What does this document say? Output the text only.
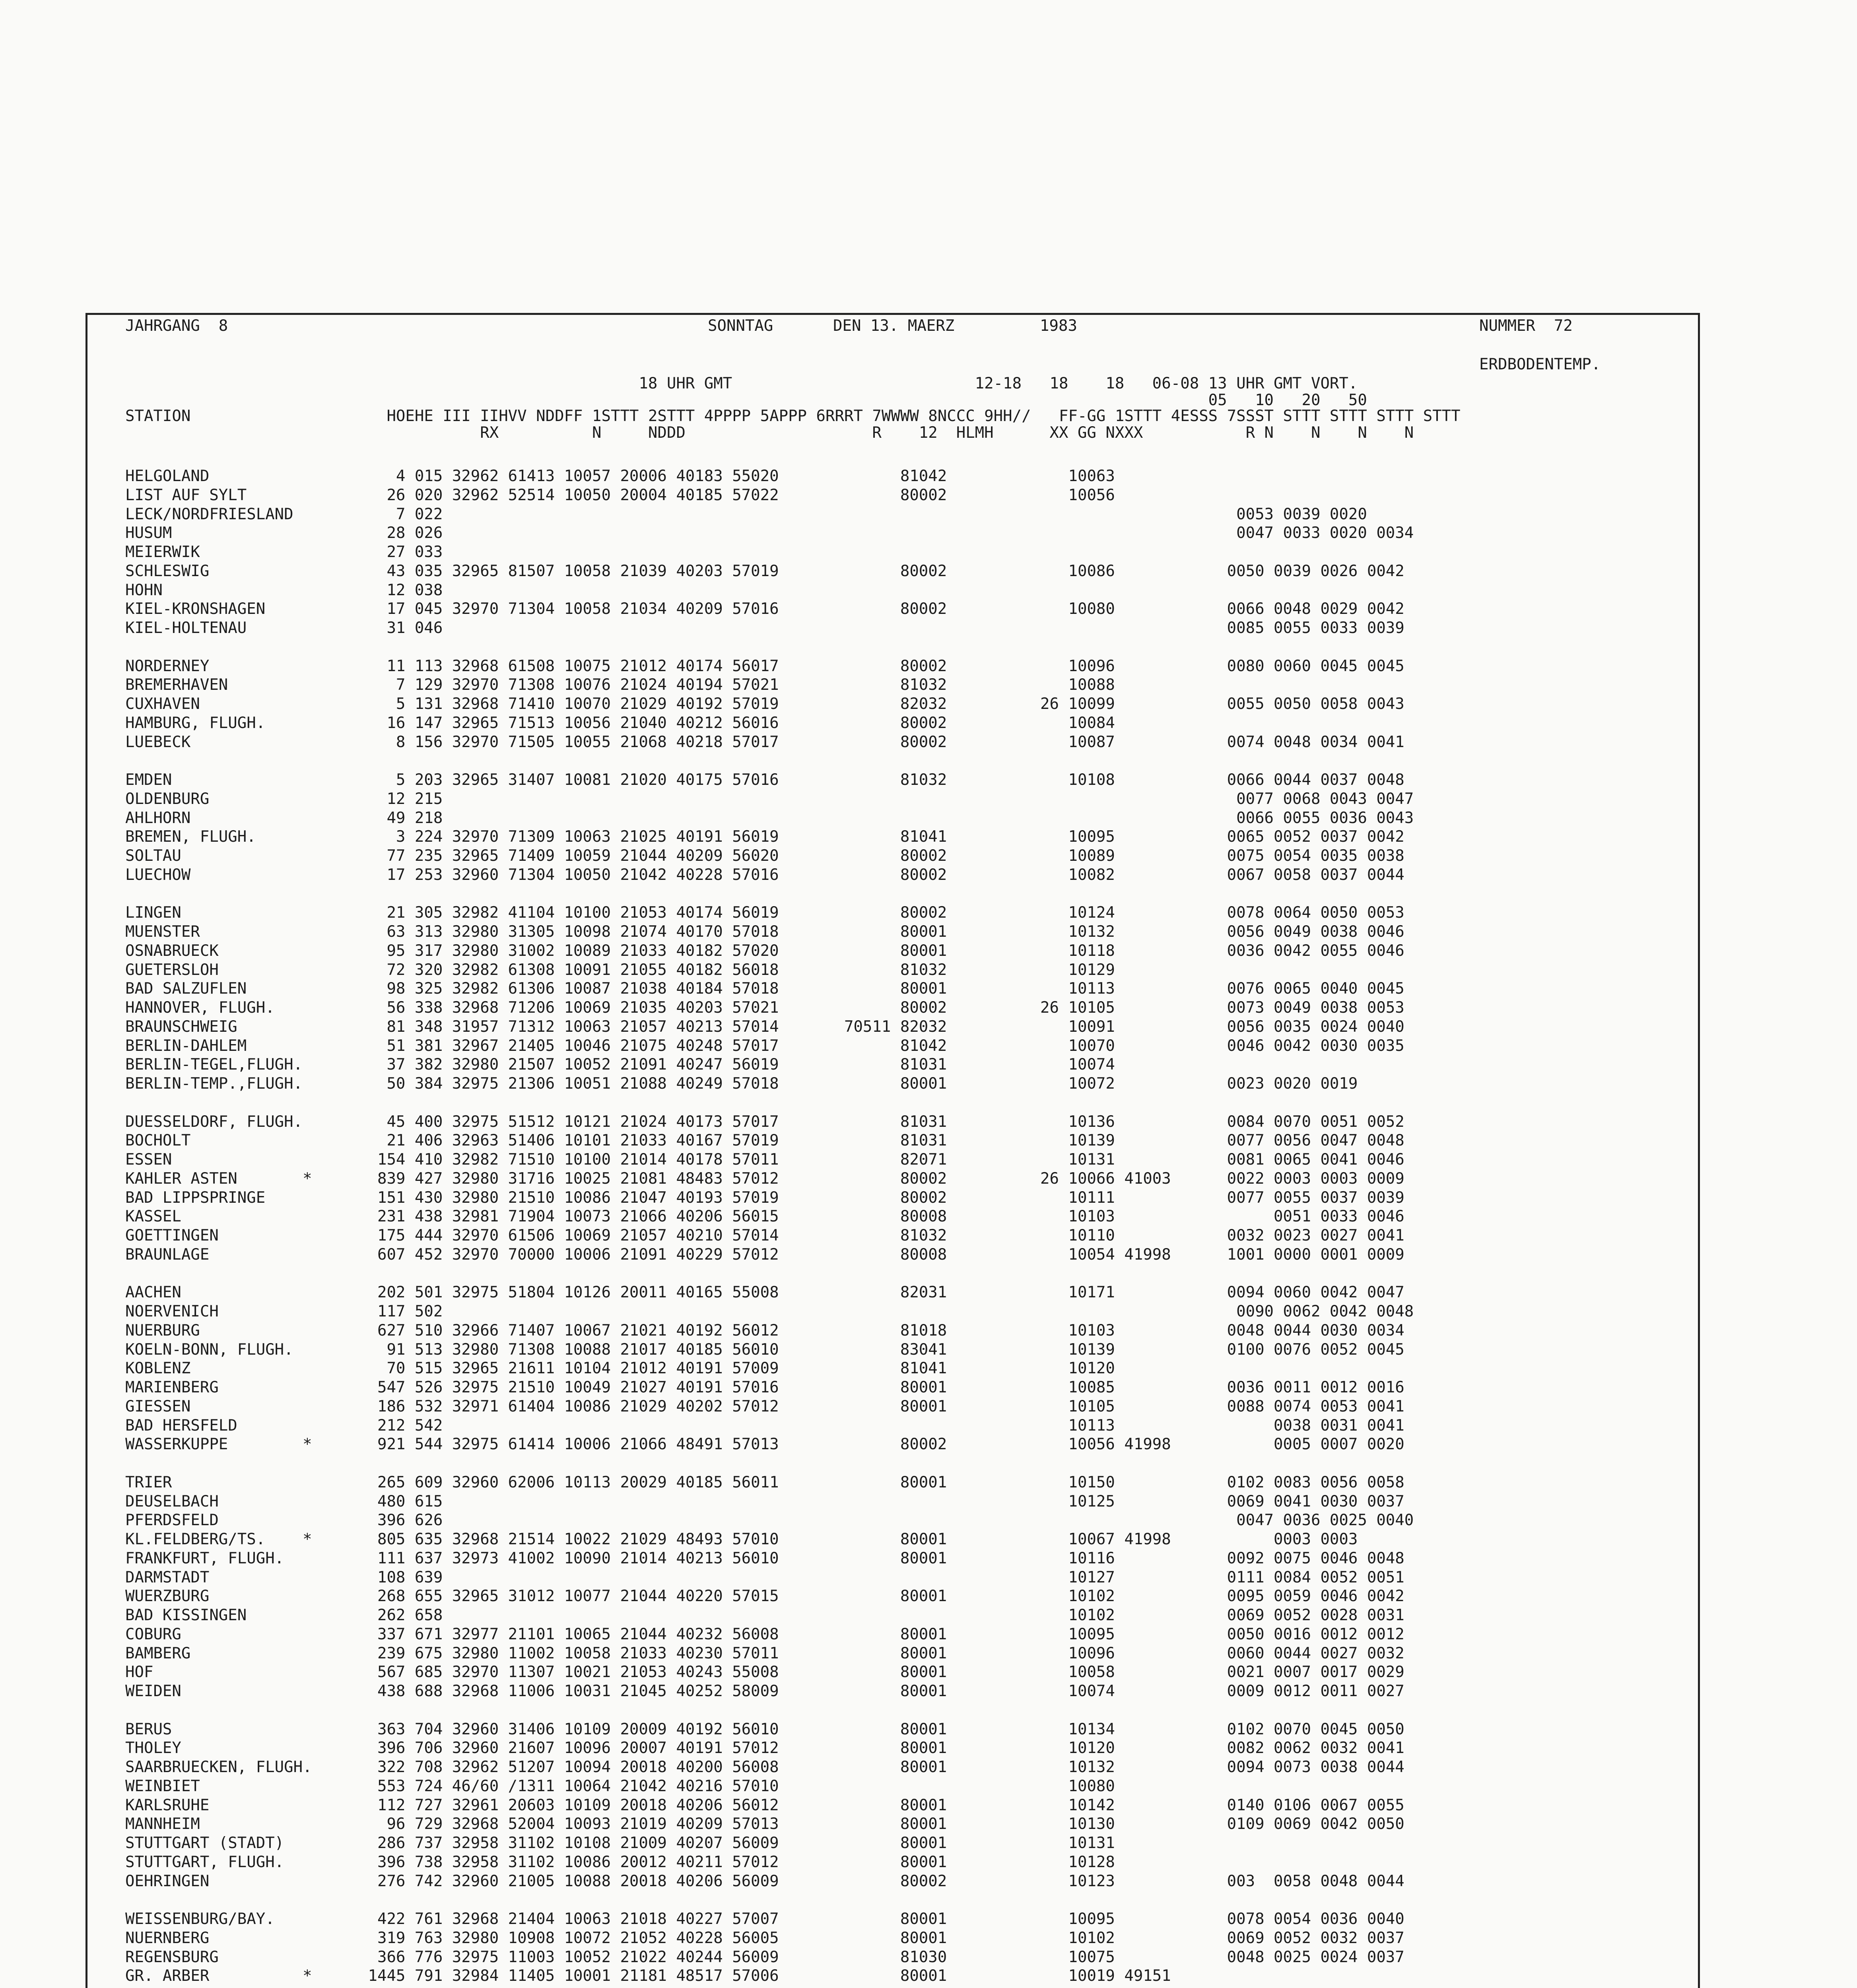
JAHRGANG  8	SONNTAG	DEN 13. MAERZ	1983	NUMMER  72
ERDBODENTEMP.
18 UHR GMT                          12-18   18    18   06-08 13 UHR GMT VORT.
05   10   20   50
STATION                     HOEHE III IIHVV NDDFF 1STTT 2STTT 4PPPP 5APPP 6RRRT 7WWWW 8NCCC 9HH//   FF-GG 1STTT 4ESSS 7SSST STTT STTT STTT STTT
RX          N     NDDD                    R    12  HLMH      XX GG NXXX           R N    N    N    N
HELGOLAND                    4 015 32962 61413 10057 20006 40183 55020             81042             10063
LIST AUF SYLT               26 020 32962 52514 10050 20004 40185 57022             80002             10056
LECK/NORDFRIESLAND           7 022                                                                                     0053 0039 0020
HUSUM                       28 026                                                                                     0047 0033 0020 0034
MEIERWIK                    27 033
SCHLESWIG                   43 035 32965 81507 10058 21039 40203 57019             80002             10086            0050 0039 0026 0042
HOHN                        12 038
KIEL-KRONSHAGEN             17 045 32970 71304 10058 21034 40209 57016             80002             10080            0066 0048 0029 0042
KIEL-HOLTENAU               31 046                                                                                    0085 0055 0033 0039
NORDERNEY                   11 113 32968 61508 10075 21012 40174 56017             80002             10096            0080 0060 0045 0045
BREMERHAVEN                  7 129 32970 71308 10076 21024 40194 57021             81032             10088
CUXHAVEN                     5 131 32968 71410 10070 21029 40192 57019             82032          26 10099            0055 0050 0058 0043
HAMBURG, FLUGH.             16 147 32965 71513 10056 21040 40212 56016             80002             10084
LUEBECK                      8 156 32970 71505 10055 21068 40218 57017             80002             10087            0074 0048 0034 0041
EMDEN                        5 203 32965 31407 10081 21020 40175 57016             81032             10108            0066 0044 0037 0048
OLDENBURG                   12 215                                                                                     0077 0068 0043 0047
AHLHORN                     49 218                                                                                     0066 0055 0036 0043
BREMEN, FLUGH.               3 224 32970 71309 10063 21025 40191 56019             81041             10095            0065 0052 0037 0042
SOLTAU                      77 235 32965 71409 10059 21044 40209 56020             80002             10089            0075 0054 0035 0038
LUECHOW                     17 253 32960 71304 10050 21042 40228 57016             80002             10082            0067 0058 0037 0044
LINGEN                      21 305 32982 41104 10100 21053 40174 56019             80002             10124            0078 0064 0050 0053
MUENSTER                    63 313 32980 31305 10098 21074 40170 57018             80001             10132            0056 0049 0038 0046
OSNABRUECK                  95 317 32980 31002 10089 21033 40182 57020             80001             10118            0036 0042 0055 0046
GUETERSLOH                  72 320 32982 61308 10091 21055 40182 56018             81032             10129
BAD SALZUFLEN               98 325 32982 61306 10087 21038 40184 57018             80001             10113            0076 0065 0040 0045
HANNOVER, FLUGH.            56 338 32968 71206 10069 21035 40203 57021             80002          26 10105            0073 0049 0038 0053
BRAUNSCHWEIG                81 348 31957 71312 10063 21057 40213 57014       70511 82032             10091            0056 0035 0024 0040
BERLIN-DAHLEM               51 381 32967 21405 10046 21075 40248 57017             81042             10070            0046 0042 0030 0035
BERLIN-TEGEL,FLUGH.         37 382 32980 21507 10052 21091 40247 56019             81031             10074
BERLIN-TEMP.,FLUGH.         50 384 32975 21306 10051 21088 40249 57018             80001             10072            0023 0020 0019
DUESSELDORF, FLUGH.         45 400 32975 51512 10121 21024 40173 57017             81031             10136            0084 0070 0051 0052
BOCHOLT                     21 406 32963 51406 10101 21033 40167 57019             81031             10139            0077 0056 0047 0048
ESSEN                      154 410 32982 71510 10100 21014 40178 57011             82071             10131            0081 0065 0041 0046
KAHLER ASTEN       *       839 427 32980 31716 10025 21081 48483 57012             80002          26 10066 41003      0022 0003 0003 0009
BAD LIPPSPRINGE            151 430 32980 21510 10086 21047 40193 57019             80002             10111            0077 0055 0037 0039
KASSEL                     231 438 32981 71904 10073 21066 40206 56015             80008             10103                 0051 0033 0046
GOETTINGEN                 175 444 32970 61506 10069 21057 40210 57014             81032             10110            0032 0023 0027 0041
BRAUNLAGE                  607 452 32970 70000 10006 21091 40229 57012             80008             10054 41998      1001 0000 0001 0009
AACHEN                     202 501 32975 51804 10126 20011 40165 55008             82031             10171            0094 0060 0042 0047
NOERVENICH                 117 502                                                                                     0090 0062 0042 0048
NUERBURG                   627 510 32966 71407 10067 21021 40192 56012             81018             10103            0048 0044 0030 0034
KOELN-BONN, FLUGH.          91 513 32980 71308 10088 21017 40185 56010             83041             10139            0100 0076 0052 0045
KOBLENZ                     70 515 32965 21611 10104 21012 40191 57009             81041             10120
MARIENBERG                 547 526 32975 21510 10049 21027 40191 57016             80001             10085            0036 0011 0012 0016
GIESSEN                    186 532 32971 61404 10086 21029 40202 57012             80001             10105            0088 0074 0053 0041
BAD HERSFELD               212 542                                                                   10113                 0038 0031 0041
WASSERKUPPE        *       921 544 32975 61414 10006 21066 48491 57013             80002             10056 41998           0005 0007 0020
TRIER                      265 609 32960 62006 10113 20029 40185 56011             80001             10150            0102 0083 0056 0058
DEUSELBACH                 480 615                                                                   10125            0069 0041 0030 0037
PFERDSFELD                 396 626                                                                                     0047 0036 0025 0040
KL.FELDBERG/TS.    *       805 635 32968 21514 10022 21029 48493 57010             80001             10067 41998           0003 0003
FRANKFURT, FLUGH.          111 637 32973 41002 10090 21014 40213 56010             80001             10116            0092 0075 0046 0048
DARMSTADT                  108 639                                                                   10127            0111 0084 0052 0051
WUERZBURG                  268 655 32965 31012 10077 21044 40220 57015             80001             10102            0095 0059 0046 0042
BAD KISSINGEN              262 658                                                                   10102            0069 0052 0028 0031
COBURG                     337 671 32977 21101 10065 21044 40232 56008             80001             10095            0050 0016 0012 0012
BAMBERG                    239 675 32980 11002 10058 21033 40230 57011             80001             10096            0060 0044 0027 0032
HOF                        567 685 32970 11307 10021 21053 40243 55008             80001             10058            0021 0007 0017 0029
WEIDEN                     438 688 32968 11006 10031 21045 40252 58009             80001             10074            0009 0012 0011 0027
BERUS                      363 704 32960 31406 10109 20009 40192 56010             80001             10134            0102 0070 0045 0050
THOLEY                     396 706 32960 21607 10096 20007 40191 57012             80001             10120            0082 0062 0032 0041
SAARBRUECKEN, FLUGH.       322 708 32962 51207 10094 20018 40200 56008             80001             10132            0094 0073 0038 0044
WEINBIET                   553 724 46/60 /1311 10064 21042 40216 57010                               10080
KARLSRUHE                  112 727 32961 20603 10109 20018 40206 56012             80001             10142            0140 0106 0067 0055
MANNHEIM                    96 729 32968 52004 10093 21019 40209 57013             80001             10130            0109 0069 0042 0050
STUTTGART (STADT)          286 737 32958 31102 10108 21009 40207 56009             80001             10131
STUTTGART, FLUGH.          396 738 32958 31102 10086 20012 40211 57012             80001             10128
OEHRINGEN                  276 742 32960 21005 10088 20018 40206 56009             80002             10123            003  0058 0048 0044
WEISSENBURG/BAY.           422 761 32968 21404 10063 21018 40227 57007             80001             10095            0078 0054 0036 0040
NUERNBERG                  319 763 32980 10908 10072 21052 40228 56005             80001             10102            0069 0052 0032 0037
REGENSBURG                 366 776 32975 11003 10052 21022 40244 56009             81030             10075            0048 0025 0024 0037
GR. ARBER          *      1445 791 32984 11405 10001 21181 48517 57006             80001             10019 49151
